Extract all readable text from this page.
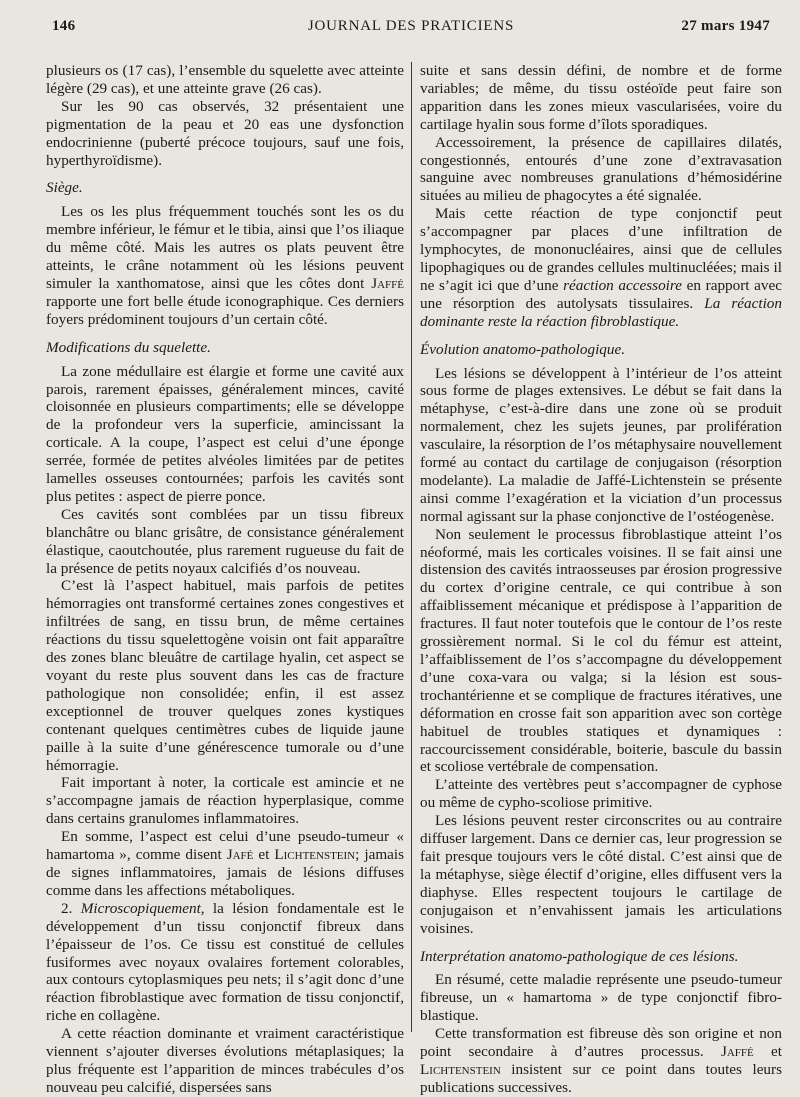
146	JOURNAL DES PRATICIENS	27 mars 1947

plusieurs os (17 cas), l’ensemble du squelette avec atteinte légère (29 cas), et une atteinte grave (26 cas).

Sur les 90 cas observés, 32 présentaient une pigmentation de la peau et 20 eas une dysfonction endocrinienne (puberté précoce toujours, sauf une fois, hyperthyroïdisme).

Siège.

Les os les plus fréquemment touchés sont les os du membre inférieur, le fémur et le tibia, ainsi que l’os iliaque du même côté. Mais les autres os plats peuvent être atteints, le crâne notamment où les lésions peuvent simuler la xanthomatose, ainsi que les côtes dont Jaffé rapporte une fort belle étude iconographique. Ces derniers foyers prédominent toujours d’un certain côté.

Modifications du squelette.

La zone médullaire est élargie et forme une cavité aux parois, rarement épaisses, généralement minces, cavité cloisonnée en plusieurs compartiments; elle se développe de la profondeur vers la superficie, amincissant la corticale. A la coupe, l’aspect est celui d’une éponge serrée, formée de petites alvéoles limitées par de petites lamelles osseuses contournées; parfois les cavités sont plus petites : aspect de pierre ponce.

Ces cavités sont comblées par un tissu fibreux blanchâtre ou blanc grisâtre, de consistance généralement élastique, caoutchoutée, plus rarement rugueuse du fait de la présence de petits noyaux calcifiés d’os nouveau.

C’est là l’aspect habituel, mais parfois de petites hémorragies ont transformé certaines zones congestives et infiltrées de sang, en tissu brun, de même certaines réactions du tissu squelettogène voisin ont fait apparaître des zones blanc bleuâtre de cartilage hyalin, cet aspect se voyant du reste plus souvent dans les cas de fracture pathologique non consolidée; enfin, il est assez exceptionnel de trouver quelques zones kystiques contenant quelques centimètres cubes de liquide jaune paille à la suite d’une générescence tumorale ou d’une hémorragie.

Fait important à noter, la corticale est amincie et ne s’accompagne jamais de réaction hyperplasique, comme dans certains granulomes inflammatoires.

En somme, l’aspect est celui d’une pseudo-tumeur « hamartoma », comme disent Jafé et Lichtenstein; jamais de signes inflammatoires, jamais de lésions diffuses comme dans les affections métaboliques.

2. Microscopiquement, la lésion fondamentale est le développement d’un tissu conjonctif fibreux dans l’épaisseur de l’os. Ce tissu est constitué de cellules fusiformes avec noyaux ovalaires fortement colorables, aux contours cytoplasmiques peu nets; il s’agit donc d’une réaction fibroblastique avec formation de tissu conjonctif, riche en collagène.

A cette réaction dominante et vraiment caractéristique viennent s’ajouter diverses évolutions métaplasiques; la plus fréquente est l’apparition de minces trabécules d’os nouveau peu calcifié, dispersées sans

suite et sans dessin défini, de nombre et de forme variables; de même, du tissu ostéoïde peut faire son apparition dans les zones mieux vascularisées, voire du cartilage hyalin sous forme d’îlots sporadiques.

Accessoirement, la présence de capillaires dilatés, congestionnés, entourés d’une zone d’extravasation sanguine avec nombreuses granulations d’hémosidérine situées au milieu de phagocytes a été signalée.

Mais cette réaction de type conjonctif peut s’accompagner par places d’une infiltration de lymphocytes, de mononucléaires, ainsi que de cellules lipophagiques ou de grandes cellules multinucléées; mais il ne s’agit ici que d’une réaction accessoire en rapport avec une résorption des autolysats tissulaires. La réaction dominante reste la réaction fibroblastique.

Évolution anatomo-pathologique.

Les lésions se développent à l’intérieur de l’os atteint sous forme de plages extensives. Le début se fait dans la métaphyse, c’est-à-dire dans une zone où se produit normalement, chez les sujets jeunes, par prolifération vasculaire, la résorption de l’os métaphysaire nouvellement formé au contact du cartilage de conjugaison (résorption modelante). La maladie de Jaffé-Lichtenstein se présente ainsi comme l’exagération et la viciation d’un processus normal agissant sur la phase conjonctive de l’ostéogenèse.

Non seulement le processus fibroblastique atteint l’os néoformé, mais les corticales voisines. Il se fait ainsi une distension des cavités intraosseuses par érosion progressive du cortex d’origine centrale, ce qui contribue à son affaiblissement mécanique et prédispose à l’apparition de fractures. Il faut noter toutefois que le contour de l’os reste grossièrement normal. Si le col du fémur est atteint, l’affaiblissement de l’os s’accompagne du développement d’une coxa-vara ou valga; si la lésion est sous-trochantérienne et se complique de fractures itératives, une déformation en crosse fait son apparition avec son cortège habituel de troubles statiques et dynamiques : raccourcissement considérable, boiterie, bascule du bassin et scoliose vertébrale de compensation.

L’atteinte des vertèbres peut s’accompagner de cyphose ou même de cypho-scoliose primitive.

Les lésions peuvent rester circonscrites ou au contraire diffuser largement. Dans ce dernier cas, leur progression se fait presque toujours vers le côté distal. C’est ainsi que de la métaphyse, siège électif d’origine, elles diffusent vers la diaphyse. Elles respectent toujours le cartilage de conjugaison et n’envahissent jamais les articulations voisines.

Interprétation anatomo-pathologique de ces lésions.

En résumé, cette maladie représente une pseudo-tumeur fibreuse, un « hamartoma » de type conjonctif fibro-blastique.

Cette transformation est fibreuse dès son origine et non point secondaire à d’autres processus. Jaffé et Lichtenstein insistent sur ce point dans toutes leurs publications successives.
